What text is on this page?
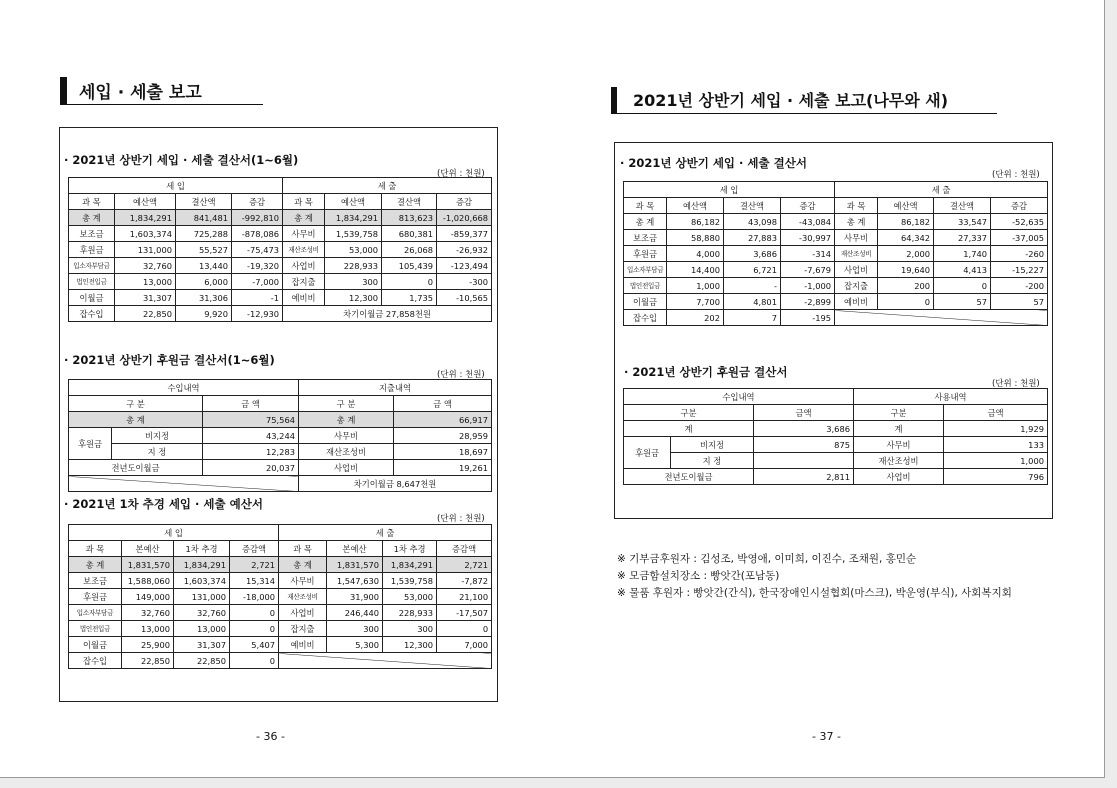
세입 · 세출 보고
· 2021년 상반기 세입 · 세출 결산서(1~6월)
(단위 : 천원)
세 입				세 출			
과 목	예산액	결산액	증감	과 목	예산액	결산액	증감
총 계	1,834,291	841,481	-992,810	총 계	1,834,291	813,623	-1,020,668
보조금	1,603,374	725,288	-878,086	사무비	1,539,758	680,381	-859,377
후원금	131,000	55,527	-75,473	재산조성비	53,000	26,068	-26,932
입소자부담금	32,760	13,440	-19,320	사업비	228,933	105,439	-123,494
법인전입금	13,000	6,000	-7,000	잡지출	300	0	-300
이월금	31,307	31,306	-1	예비비	12,300	1,735	-10,565
잡수입	22,850	9,920	-12,930	차기이월금 27,858천원			
· 2021년 상반기 후원금 결산서(1~6월)
(단위 : 천원)
수입내역			지출내역	
구 분		금 액	구 분	금 액
총 계		75,564	총 계	66,917
후원금	비지정	43,244	사무비	28,959
	지 정	12,283	재산조성비	18,697
전년도이월금		20,037	사업비	19,261
			차기이월금 8,647천원	
· 2021년 1차 추경 세입 · 세출 예산서
(단위 : 천원)
세 입				세 출			
과 목	본예산	1차 추경	증감액	과 목	본예산	1차 추경	증감액
총 계	1,831,570	1,834,291	2,721	총 계	1,831,570	1,834,291	2,721
보조금	1,588,060	1,603,374	15,314	사무비	1,547,630	1,539,758	-7,872
후원금	149,000	131,000	-18,000	재산조성비	31,900	53,000	21,100
입소자부담금	32,760	32,760	0	사업비	246,440	228,933	-17,507
법인전입금	13,000	13,000	0	잡지출	300	300	0
이월금	25,900	31,307	5,407	예비비	5,300	12,300	7,000
잡수입	22,850	22,850	0				
- 36 -
2021년 상반기 세입 · 세출 보고(나무와 새)
· 2021년 상반기 세입 · 세출 결산서
(단위 : 천원)
세 입				세 출			
과 목	예산액	결산액	증감	과 목	예산액	결산액	증감
총 계	86,182	43,098	-43,084	총 계	86,182	33,547	-52,635
보조금	58,880	27,883	-30,997	사무비	64,342	27,337	-37,005
후원금	4,000	3,686	-314	재산조성비	2,000	1,740	-260
입소자부담금	14,400	6,721	-7,679	사업비	19,640	4,413	-15,227
법인전입금	1,000	-	-1,000	잡지출	200	0	-200
이월금	7,700	4,801	-2,899	예비비	0	57	57
잡수입	202	7	-195				
· 2021년 상반기 후원금 결산서
(단위 : 천원)
수입내역			사용내역	
구분		금액	구분	금액
계		3,686	계	1,929
후원금	비지정	875	사무비	133
	지 정		재산조성비	1,000
전년도이월금		2,811	사업비	796
※ 기부금후원자 : 김성조, 박영애, 이미희, 이진수, 조채원, 홍민순
※ 모금함설치장소 : 빵앗간(포남동)
※ 물품 후원자 : 빵앗간(간식), 한국장애인시설협회(마스크), 박운영(부식), 사회복지회
- 37 -
